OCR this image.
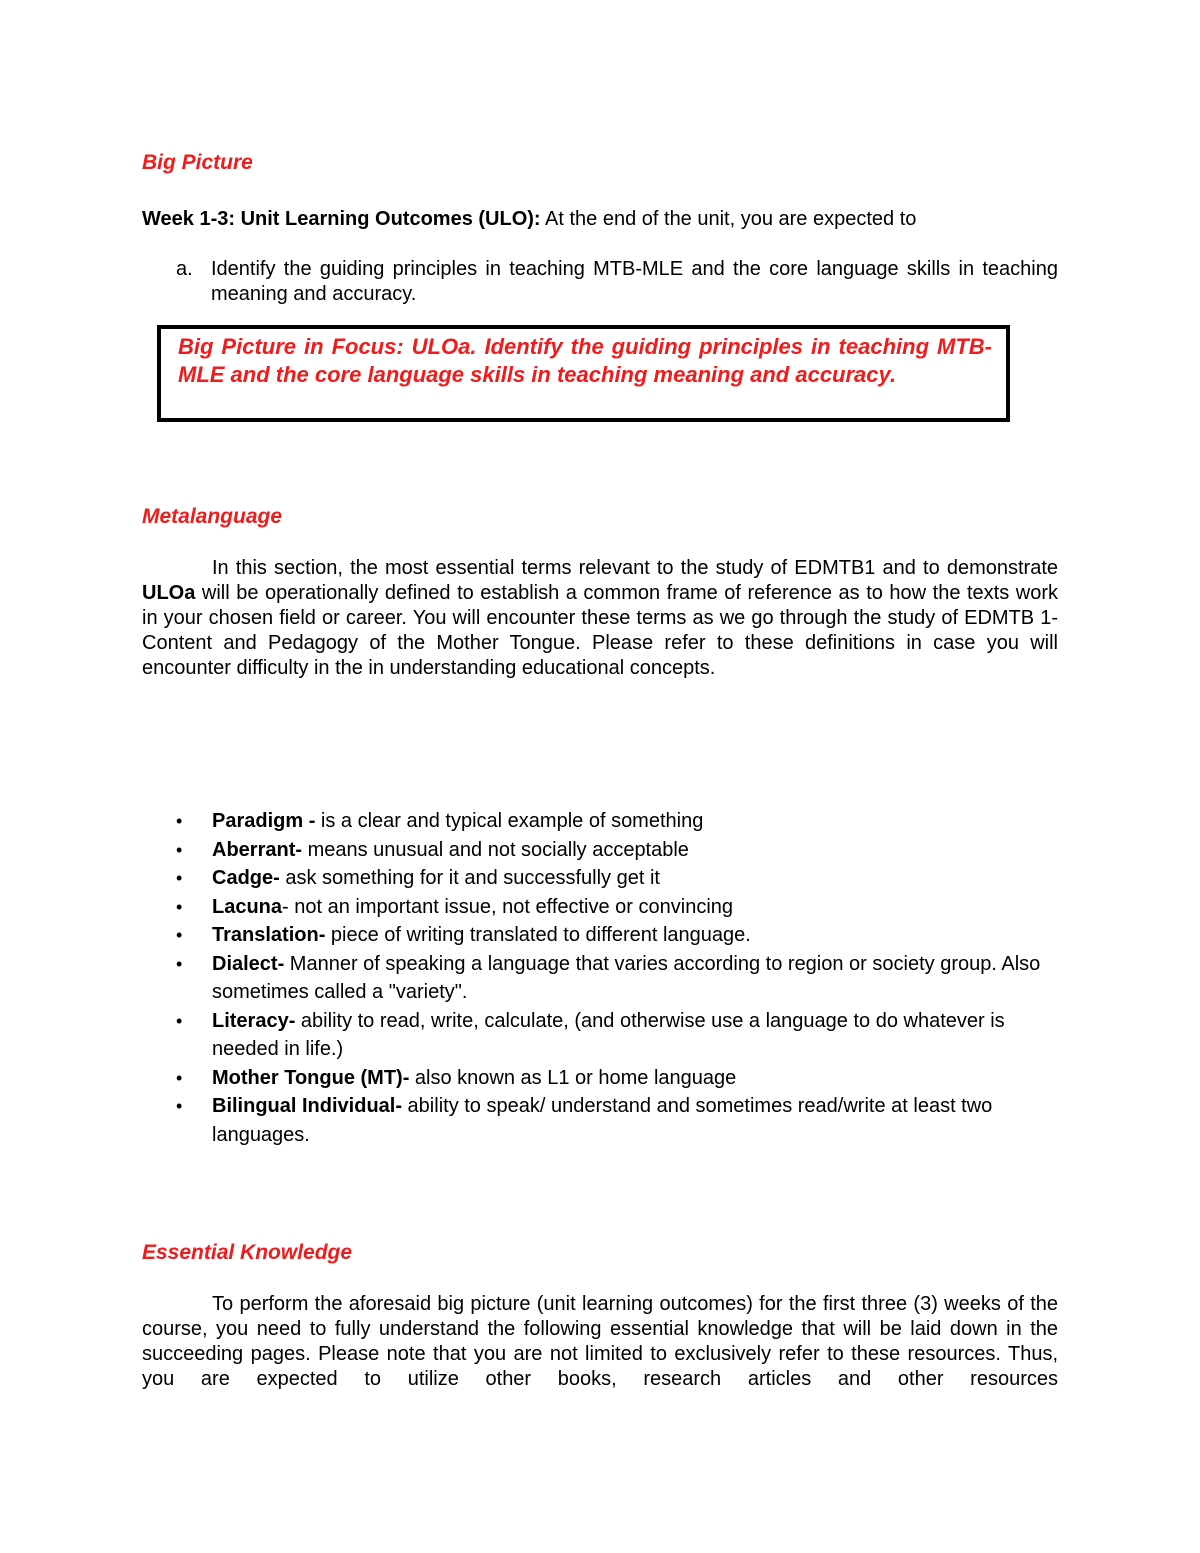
Big Picture

Week 1-3: Unit Learning Outcomes (ULO): At the end of the unit, you are expected to

a. Identify the guiding principles in teaching MTB-MLE and the core language skills in teaching meaning and accuracy.

Big Picture in Focus: ULOa. Identify the guiding principles in teaching MTB-MLE and the core language skills in teaching meaning and accuracy.

Metalanguage

In this section, the most essential terms relevant to the study of EDMTB1 and to demonstrate ULOa will be operationally defined to establish a common frame of reference as to how the texts work in your chosen field or career. You will encounter these terms as we go through the study of EDMTB 1- Content and Pedagogy of the Mother Tongue. Please refer to these definitions in case you will encounter difficulty in the in understanding educational concepts.

• Paradigm - is a clear and typical example of something
• Aberrant- means unusual and not socially acceptable
• Cadge- ask something for it and successfully get it
• Lacuna- not an important issue, not effective or convincing
• Translation- piece of writing translated to different language.
• Dialect- Manner of speaking a language that varies according to region or society group. Also sometimes called a "variety".
• Literacy- ability to read, write, calculate, (and otherwise use a language to do whatever is needed in life.)
• Mother Tongue (MT)- also known as L1 or home language
• Bilingual Individual- ability to speak/ understand and sometimes read/write at least two languages.
Essential Knowledge

To perform the aforesaid big picture (unit learning outcomes) for the first three (3) weeks of the course, you need to fully understand the following essential knowledge that will be laid down in the succeeding pages. Please note that you are not limited to exclusively refer to these resources. Thus, you are expected to utilize other books, research articles and other resources
